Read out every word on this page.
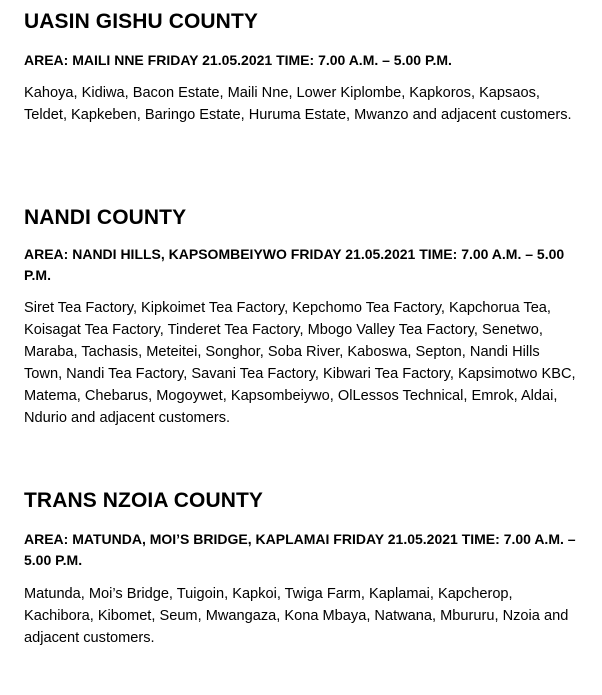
UASIN GISHU COUNTY

AREA: MAILI NNE FRIDAY 21.05.2021 TIME: 7.00 A.M. – 5.00 P.M.

Kahoya, Kidiwa, Bacon Estate, Maili Nne, Lower Kiplombe, Kapkoros, Kapsaos, Teldet, Kapkeben, Baringo Estate, Huruma Estate, Mwanzo and adjacent customers.

NANDI COUNTY

AREA: NANDI HILLS, KAPSOMBEIYWO FRIDAY 21.05.2021 TIME: 7.00 A.M. – 5.00 P.M.

Siret Tea Factory, Kipkoimet Tea Factory, Kepchomo Tea Factory, Kapchorua Tea, Koisagat Tea Factory, Tinderet Tea Factory, Mbogo Valley Tea Factory, Senetwo, Maraba, Tachasis, Meteitei, Songhor, Soba River, Kaboswa, Septon, Nandi Hills Town, Nandi Tea Factory, Savani Tea Factory, Kibwari Tea Factory, Kapsimotwo KBC, Matema, Chebarus, Mogoywet, Kapsombeiywo, OlLessos Technical, Emrok, Aldai, Ndurio and adjacent customers.

TRANS NZOIA COUNTY

AREA: MATUNDA, MOI’S BRIDGE, KAPLAMAI FRIDAY 21.05.2021 TIME: 7.00 A.M. – 5.00 P.M.

Matunda, Moi’s Bridge, Tuigoin, Kapkoi, Twiga Farm, Kaplamai, Kapcherop, Kachibora, Kibomet, Seum, Mwangaza, Kona Mbaya, Natwana, Mbururu, Nzoia and adjacent customers.
